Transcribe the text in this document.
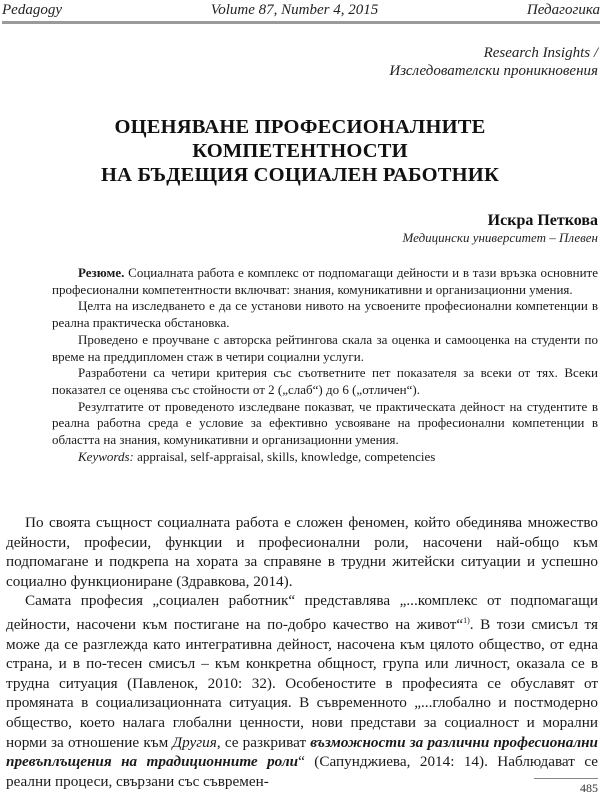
Pedagogy	Volume 87, Number 4, 2015	Педагогика
Research Insights /
Изследователски проникновения
ОЦЕНЯВАНЕ ПРОФЕСИОНАЛНИТЕ
КОМПЕТЕНТНОСТИ
НА БЪДЕЩИЯ СОЦИАЛЕН РАБОТНИК
Искра Петкова
Медицински университет – Плевен

Резюме. Социалната работа е комплекс от подпомагащи дейности и в тази връзка основните професионални компетентности включват: знания, комуникативни и организационни умения.

Целта на изследването е да се установи нивото на усвоените професионални компетенции в реална практическа обстановка.

Проведено е проучване с авторска рейтингова скала за оценка и самооценка на студенти по време на преддипломен стаж в четири социални услуги.

Разработени са четири критерия със съответните пет показателя за всеки от тях. Всеки показател се оценява със стойности от 2 („слаб“) до 6 („отличен“).

Резултатите от проведеното изследване показват, че практическата дейност на студентите в реална работна среда е условие за ефективно усвояване на професионални компетенции в областта на знания, комуникативни и организационни умения.

Keywords: appraisal, self-appraisal, skills, knowledge, competencies

По своята същност социалната работа е сложен феномен, който обединява множество дейности, професии, функции и професионални роли, насочени най-общо към подпомагане и подкрепа на хората за справяне в трудни житейски ситуации и успешно социално функциониране (Здравкова, 2014).

Самата професия „социален работник“ представлява „...комплекс от подпомагащи дейности, насочени към постигане на по-добро качество на живот“$^{1)}$. В този смисъл тя може да се разглежда като интегративна дейност, насочена към цялото общество, от една страна, и в по-тесен смисъл – към конкретна общност, група или личност, оказала се в трудна ситуация (Павленок, 2010: 32). Особеностите в професията се обуславят от промяната в социализационната ситуация. В съвременното „...глобално и постмодерно общество, което налага глобални ценности, нови представи за социалност и морални норми за отношение към Другия, се разкриват възможности за различни професионални превъплъщения на традиционните роли“ (Сапунджиева, 2014: 14). Наблюдават се реални процеси, свързани със съвремен-	485
